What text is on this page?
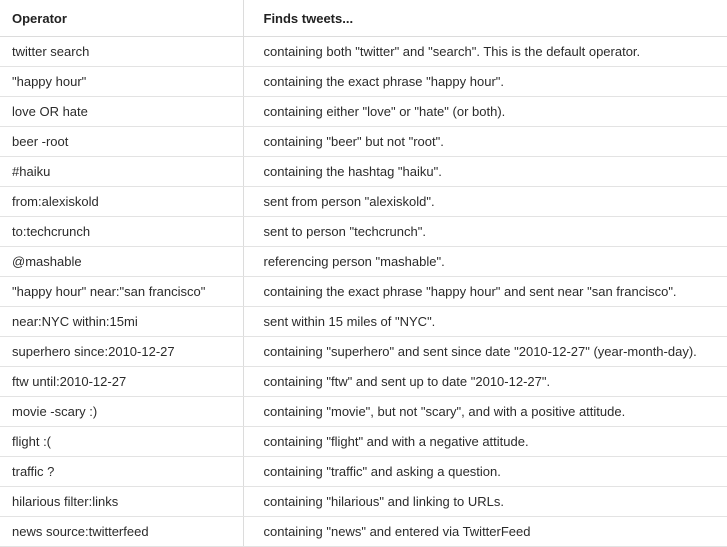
Operator	Finds tweets...
twitter search	containing both "twitter" and "search". This is the default operator.
"happy hour"	containing the exact phrase "happy hour".
love OR hate	containing either "love" or "hate" (or both).
beer -root	containing "beer" but not "root".
#haiku	containing the hashtag "haiku".
from:alexiskold	sent from person "alexiskold".
to:techcrunch	sent to person "techcrunch".
@mashable	referencing person "mashable".
"happy hour" near:"san francisco"	containing the exact phrase "happy hour" and sent near "san francisco".
near:NYC within:15mi	sent within 15 miles of "NYC".
superhero since:2010-12-27	containing "superhero" and sent since date "2010-12-27" (year-month-day).
ftw until:2010-12-27	containing "ftw" and sent up to date "2010-12-27".
movie -scary :)	containing "movie", but not "scary", and with a positive attitude.
flight :(	containing "flight" and with a negative attitude.
traffic ?	containing "traffic" and asking a question.
hilarious filter:links	containing "hilarious" and linking to URLs.
news source:twitterfeed	containing "news" and entered via TwitterFeed
